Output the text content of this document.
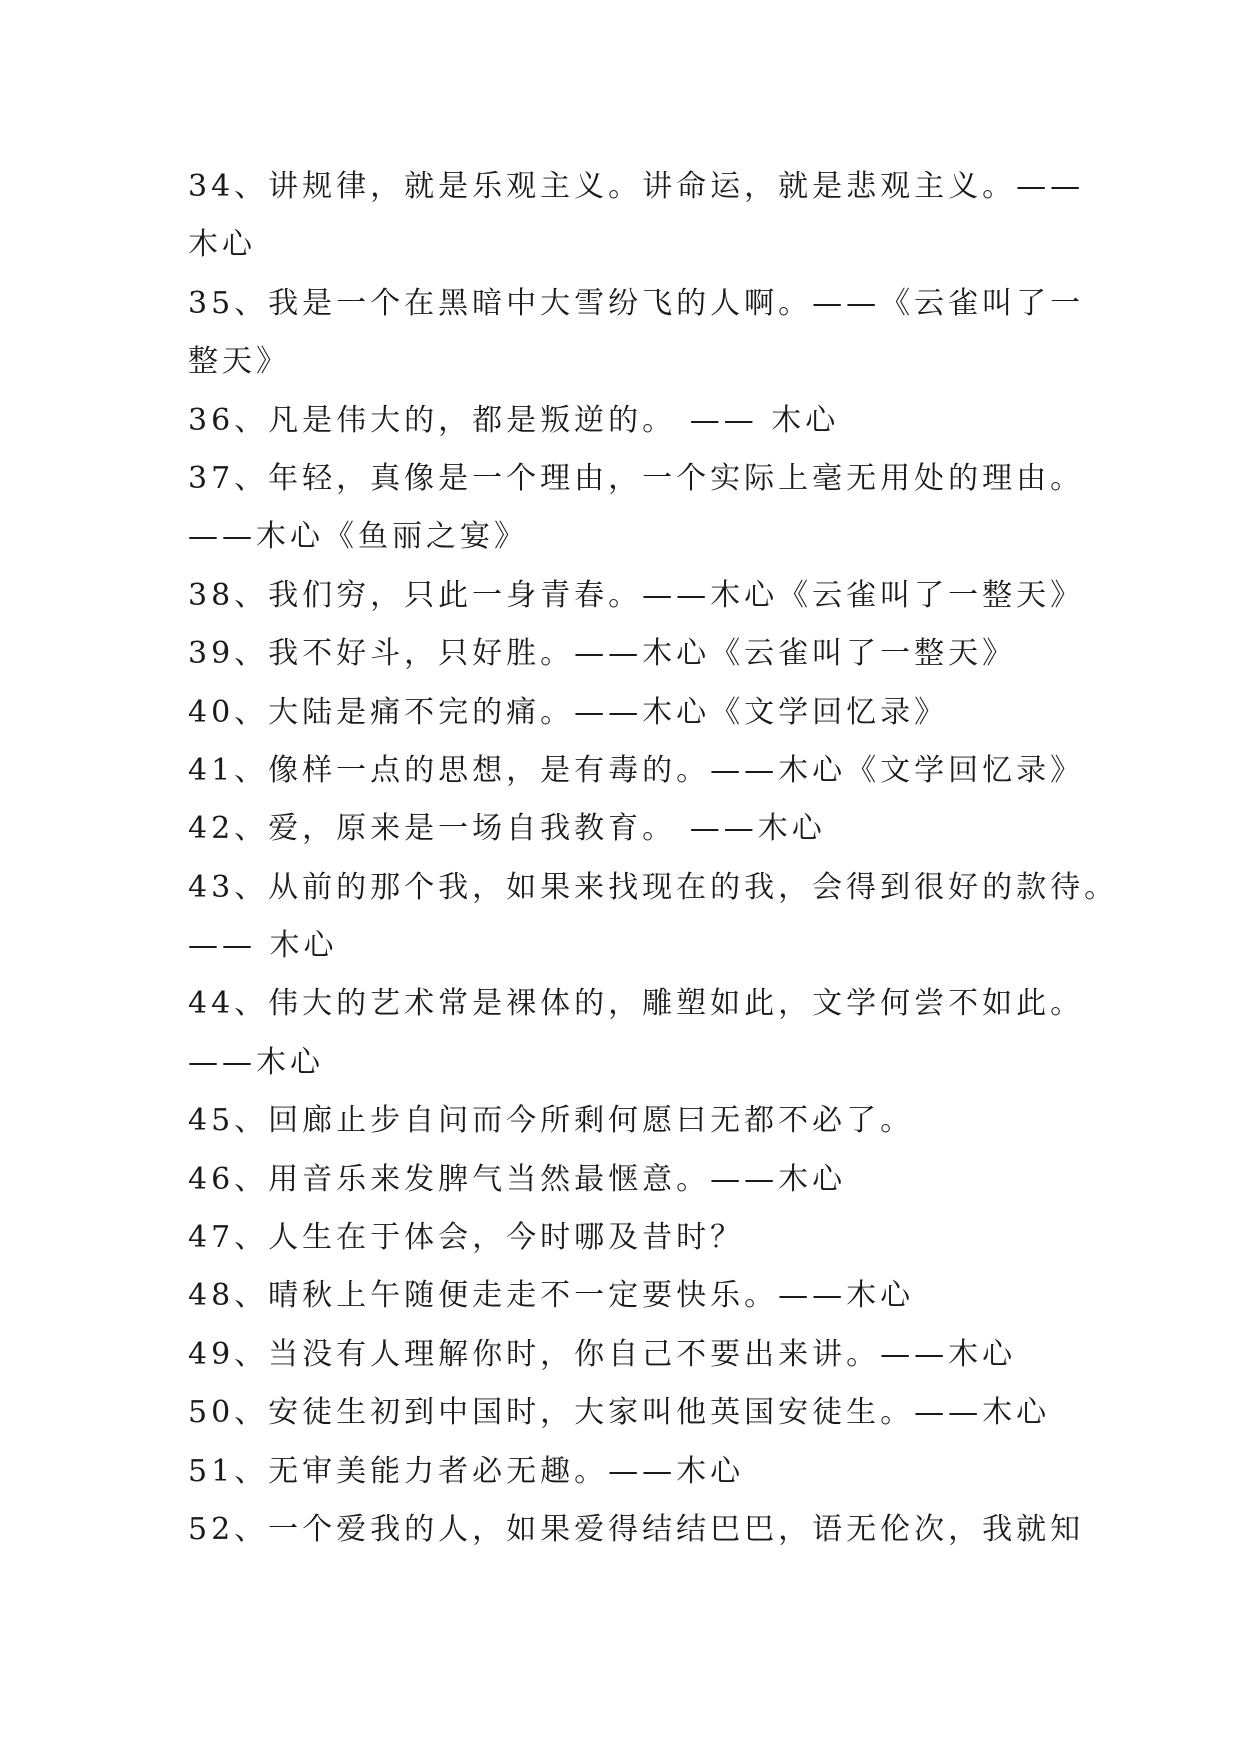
34、讲规律，就是乐观主义。讲命运，就是悲观主义。——
木心
35、我是一个在黑暗中大雪纷飞的人啊。——《云雀叫了一
整天》
36、凡是伟大的，都是叛逆的。 —— 木心
37、年轻，真像是一个理由，一个实际上毫无用处的理由。
——木心《鱼丽之宴》
38、我们穷，只此一身青春。——木心《云雀叫了一整天》
39、我不好斗，只好胜。——木心《云雀叫了一整天》
40、大陆是痛不完的痛。——木心《文学回忆录》
41、像样一点的思想，是有毒的。——木心《文学回忆录》
42、爱，原来是一场自我教育。 ——木心
43、从前的那个我，如果来找现在的我，会得到很好的款待。
—— 木心
44、伟大的艺术常是裸体的，雕塑如此，文学何尝不如此。
——木心
45、回廊止步自问而今所剩何愿曰无都不必了。
46、用音乐来发脾气当然最惬意。——木心
47、人生在于体会，今时哪及昔时？
48、晴秋上午随便走走不一定要快乐。——木心
49、当没有人理解你时，你自己不要出来讲。——木心
50、安徒生初到中国时，大家叫他英国安徒生。——木心
51、无审美能力者必无趣。——木心
52、一个爱我的人，如果爱得结结巴巴，语无伦次，我就知
